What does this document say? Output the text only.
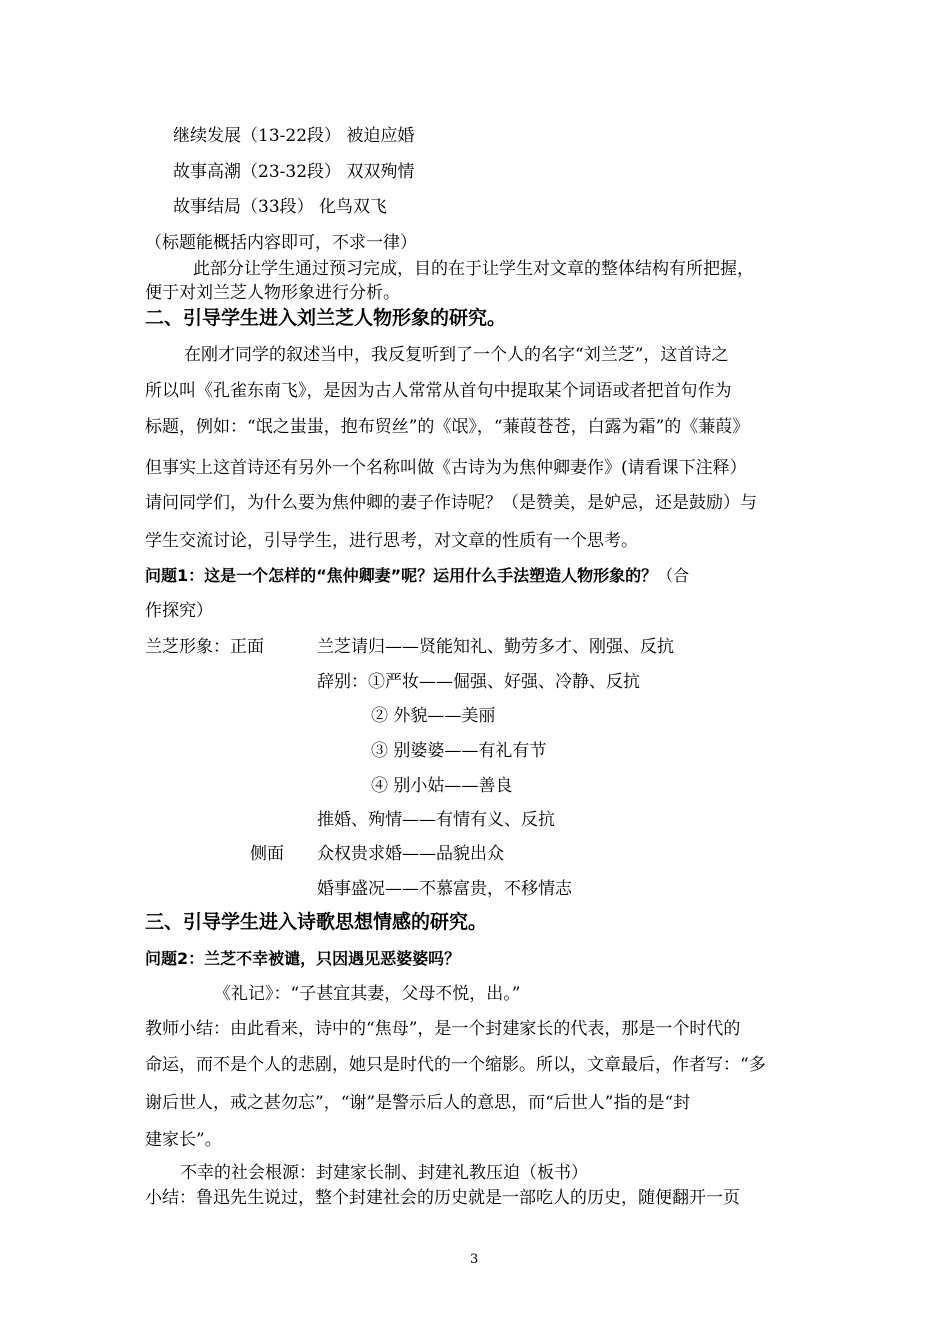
继续发展（13-22段） 被迫应婚
故事高潮（23-32段） 双双殉情
故事结局（33段） 化鸟双飞
（标题能概括内容即可，不求一律）
此部分让学生通过预习完成，目的在于让学生对文章的整体结构有所把握，
便于对刘兰芝人物形象进行分析。
二、引导学生进入刘兰芝人物形象的研究。
在刚才同学的叙述当中，我反复听到了一个人的名字“刘兰芝”，这首诗之
所以叫《孔雀东南飞》，是因为古人常常从首句中提取某个词语或者把首句作为
标题，例如：“氓之蚩蚩，抱布贸丝”的《氓》，“蒹葭苍苍，白露为霜”的《蒹葭》
但事实上这首诗还有另外一个名称叫做《古诗为为焦仲卿妻作》(请看课下注释）
请问同学们，为什么要为焦仲卿的妻子作诗呢？（是赞美，是妒忌，还是鼓励）与
学生交流讨论，引导学生，进行思考，对文章的性质有一个思考。
问题1：这是一个怎样的“焦仲卿妻”呢？运用什么手法塑造人物形象的？（合
作探究）
兰芝形象：正面	兰芝请归——贤能知礼、勤劳多才、刚强、反抗
辞别：①严妆——倔强、好强、冷静、反抗
② 外貌——美丽
③ 别婆婆——有礼有节
④ 别小姑——善良
推婚、殉情——有情有义、反抗
侧面 众权贵求婚——品貌出众
婚事盛况——不慕富贵，不移情志
三、引导学生进入诗歌思想情感的研究。
问题2：兰芝不幸被谴，只因遇见恶婆婆吗？
《礼记》：“子甚宜其妻，父母不悦，出。”
教师小结：由此看来，诗中的“焦母”，是一个封建家长的代表，那是一个时代的
命运，而不是个人的悲剧，她只是时代的一个缩影。所以，文章最后，作者写：“多
谢后世人，戒之甚勿忘”，“谢”是警示后人的意思，而“后世人”指的是“封
建家长”。
不幸的社会根源：封建家长制、封建礼教压迫（板书）
小结：鲁迅先生说过，整个封建社会的历史就是一部吃人的历史，随便翻开一页
3
